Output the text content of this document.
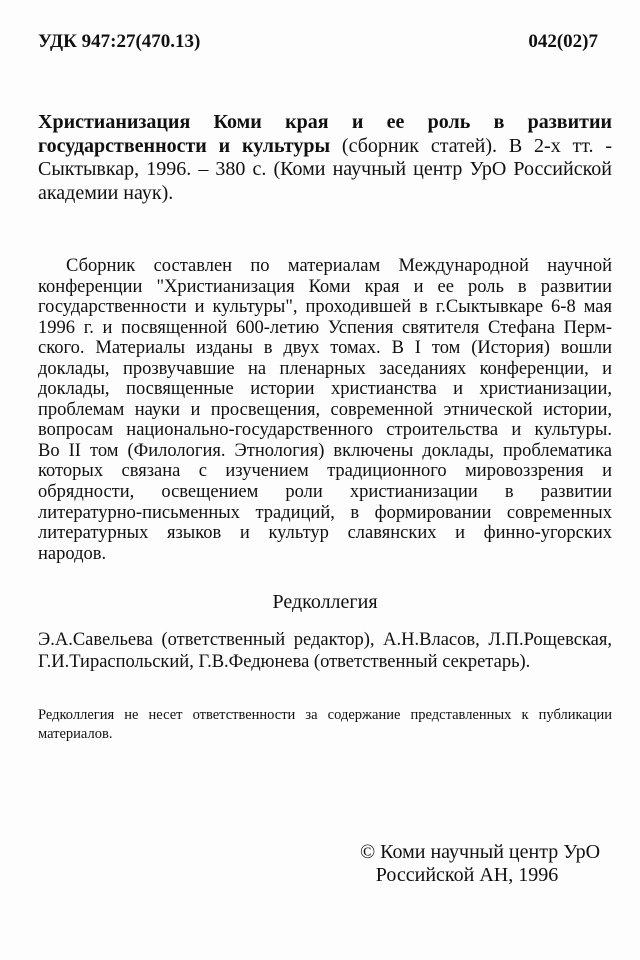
УДК 947:27(470.13)	042(02)7
Христианизация Коми края и ее роль в развитии
государственности и культуры (сборник статей). В 2-х тт. -
Сыктывкар, 1996. – 380 с. (Коми научный центр УрО Российской
академии наук).
Сборник составлен по материалам Международной научной
конференции "Христианизация Коми края и ее роль в развитии
государственности и культуры", проходившей в г.Сыктывкаре 6-8 мая
1996 г. и посвященной 600-летию Успения святителя Стефана Перм-
ского. Материалы изданы в двух томах. В I том (История) вошли
доклады, прозвучавшие на пленарных заседаниях конференции, и
доклады, посвященные истории христианства и христианизации,
проблемам науки и просвещения, современной этнической истории,
вопросам национально-государственного строительства и культуры.
Во II том (Филология. Этнология) включены доклады, проблематика
которых связана с изучением традиционного мировоззрения и
обрядности, освещением роли христианизации в развитии
литературно-письменных традиций, в формировании современных
литературных языков и культур славянских и финно-угорских
народов.
Редколлегия
Э.А.Савельева (ответственный редактор), А.Н.Власов, Л.П.Рощевская,
Г.И.Тираспольский, Г.В.Федюнева (ответственный секретарь).
Редколлегия не несет ответственности за содержание представленных к публикации
материалов.
© Коми научный центр УрО
Российской АН, 1996
